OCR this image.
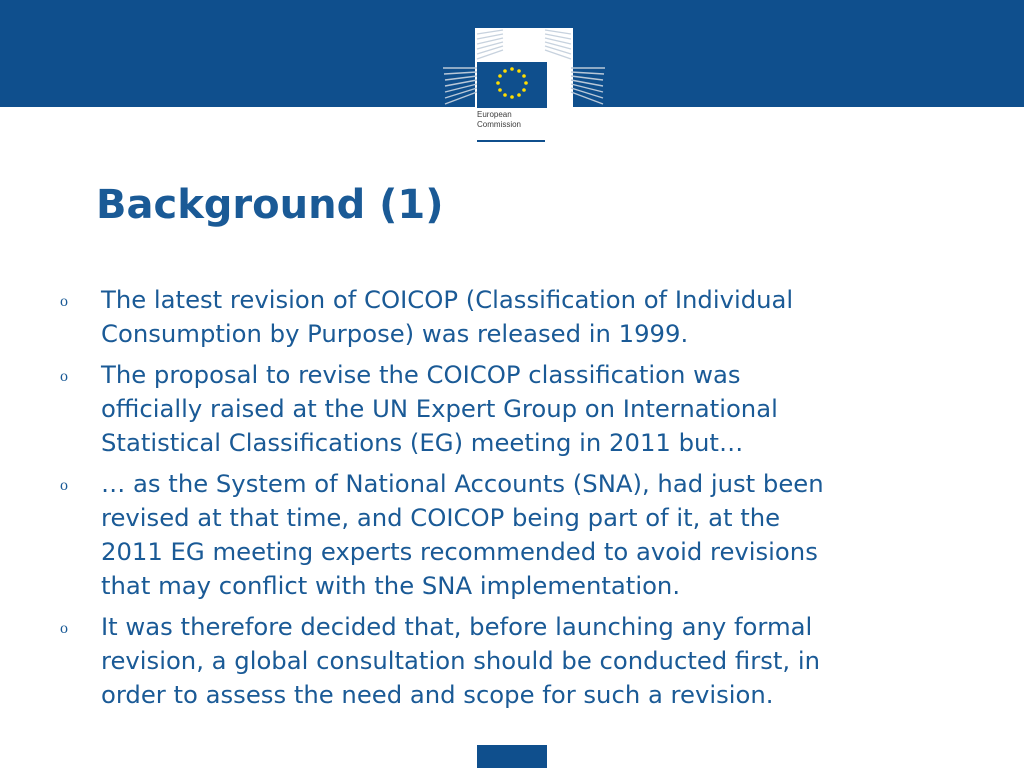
European
Commission
Background (1)
o	The latest revision of COICOP (Classification of Individual
Consumption by Purpose) was released in 1999.
o	The proposal to revise the COICOP classification was
officially raised at the UN Expert Group on International
Statistical Classifications (EG) meeting in 2011 but…
o	… as the System of National Accounts (SNA), had just been
revised at that time, and COICOP being part of it, at the
2011 EG meeting experts recommended to avoid revisions
that may conflict with the SNA implementation.
o	It was therefore decided that, before launching any formal
revision, a global consultation should be conducted first, in
order to assess the need and scope for such a revision.
